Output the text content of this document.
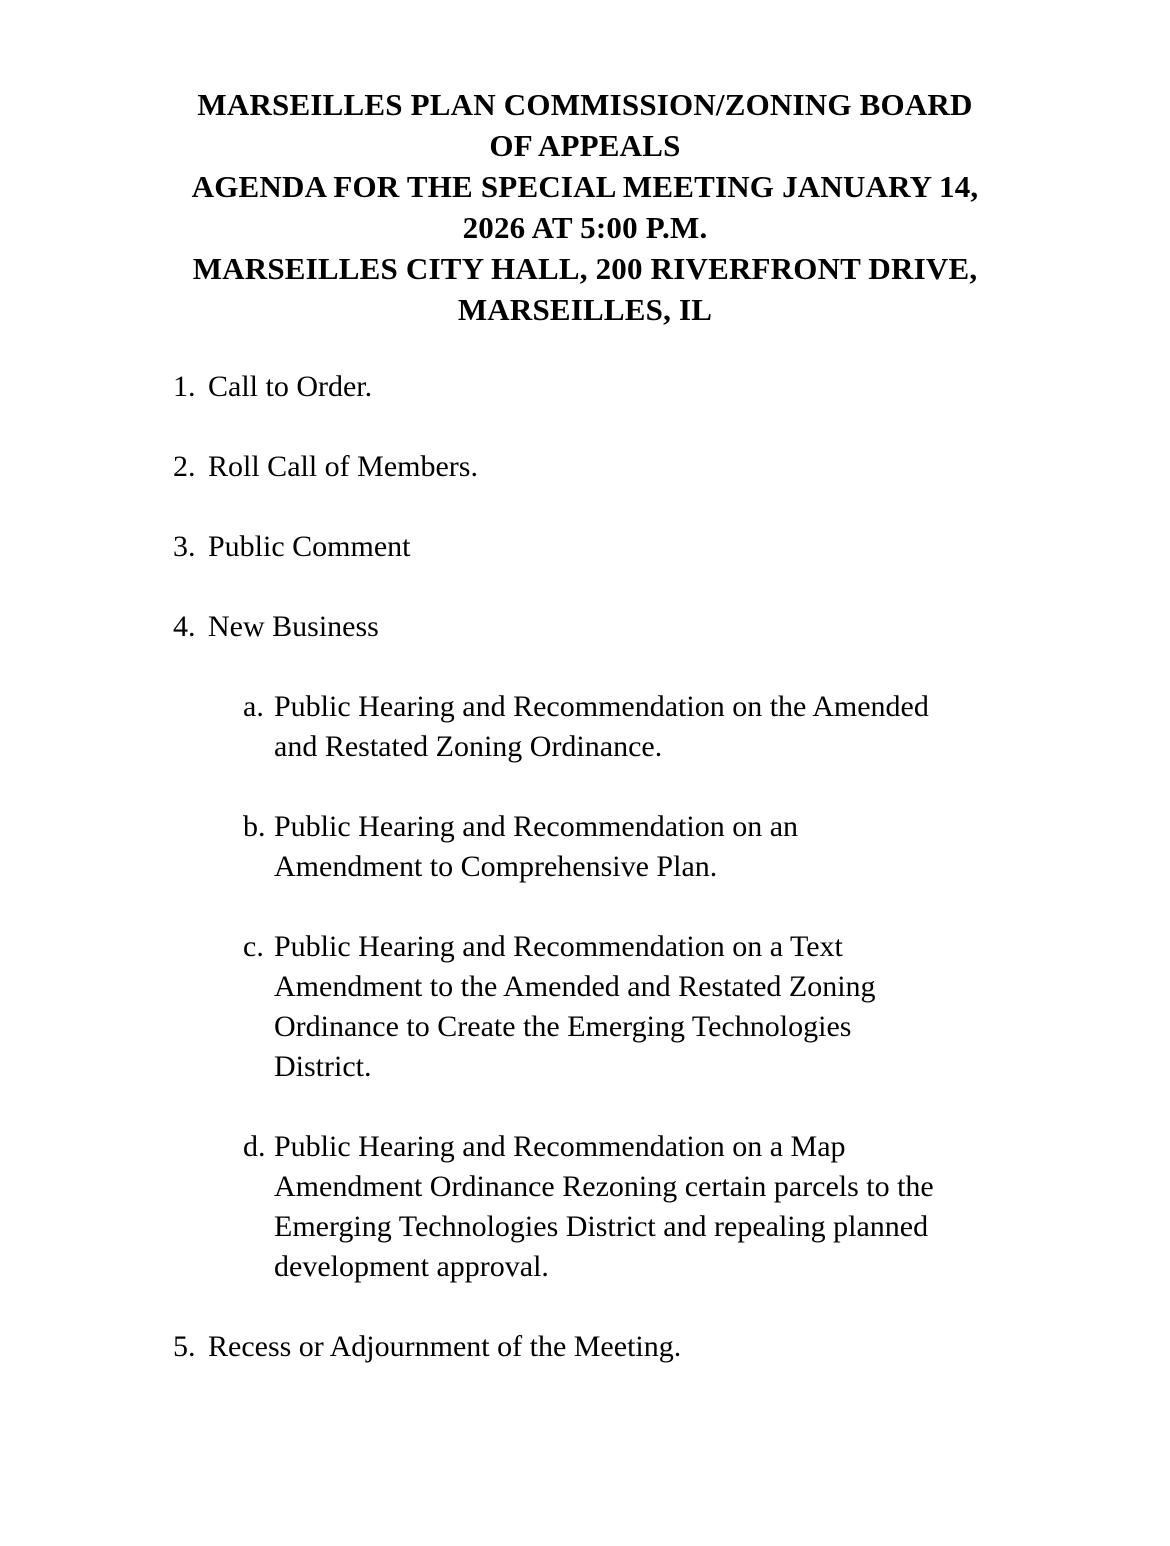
MARSEILLES PLAN COMMISSION/ZONING BOARD
OF APPEALS
AGENDA FOR THE SPECIAL MEETING JANUARY 14,
2026 AT 5:00 P.M.
MARSEILLES CITY HALL, 200 RIVERFRONT DRIVE,
MARSEILLES, IL
1. Call to Order.
2. Roll Call of Members.
3. Public Comment
4. New Business
a. Public Hearing and Recommendation on the Amended
and Restated Zoning Ordinance.
b. Public Hearing and Recommendation on an
Amendment to Comprehensive Plan.
c. Public Hearing and Recommendation on a Text
Amendment to the Amended and Restated Zoning
Ordinance to Create the Emerging Technologies
District.
d. Public Hearing and Recommendation on a Map
Amendment Ordinance Rezoning certain parcels to the
Emerging Technologies District and repealing planned
development approval.
5. Recess or Adjournment of the Meeting.
